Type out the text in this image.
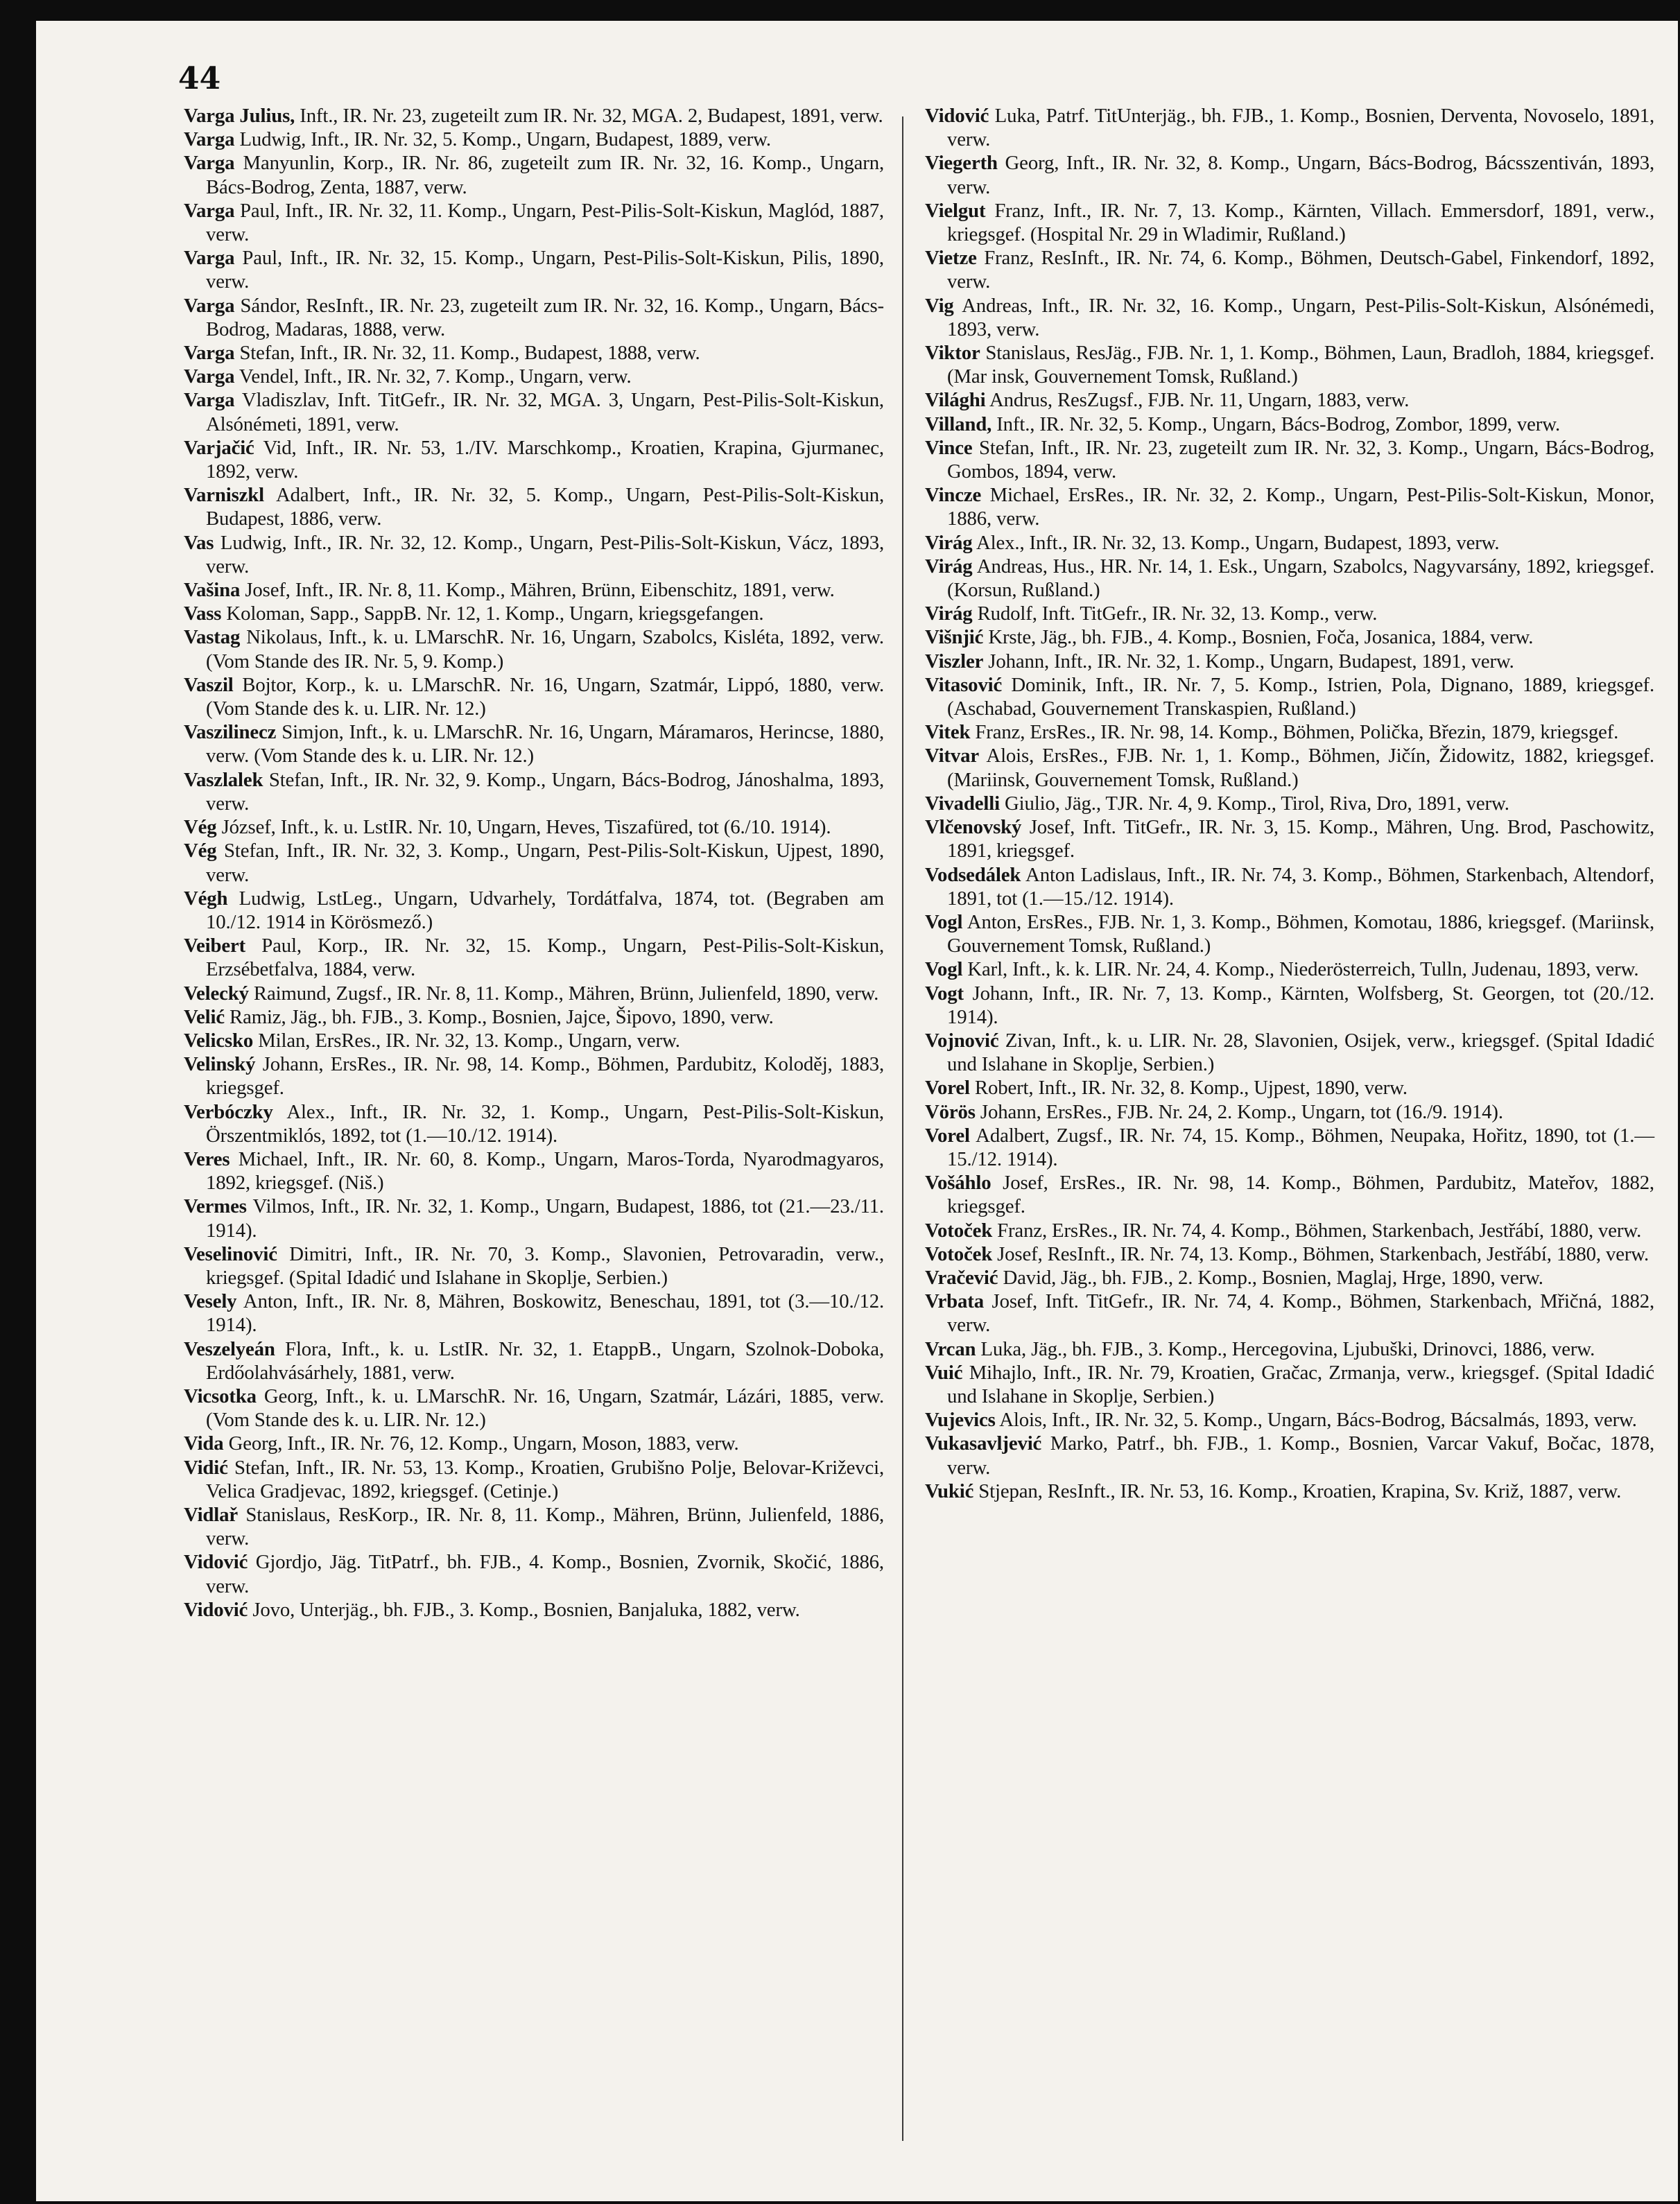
44

Varga Julius, Inft., IR. Nr. 23, zugeteilt zum IR. Nr. 32, MGA. 2, Budapest, 1891, verw.

Varga Ludwig, Inft., IR. Nr. 32, 5. Komp., Ungarn, Budapest, 1889, verw.

Varga Manyunlin, Korp., IR. Nr. 86, zugeteilt zum IR. Nr. 32, 16. Komp., Ungarn, Bács-Bodrog, Zenta, 1887, verw.

Varga Paul, Inft., IR. Nr. 32, 11. Komp., Ungarn, Pest-Pilis-Solt-Kiskun, Maglód, 1887, verw.

Varga Paul, Inft., IR. Nr. 32, 15. Komp., Ungarn, Pest-Pilis-Solt-Kiskun, Pilis, 1890, verw.

Varga Sándor, ResInft., IR. Nr. 23, zugeteilt zum IR. Nr. 32, 16. Komp., Ungarn, Bács-Bodrog, Madaras, 1888, verw.

Varga Stefan, Inft., IR. Nr. 32, 11. Komp., Budapest, 1888, verw.

Varga Vendel, Inft., IR. Nr. 32, 7. Komp., Ungarn, verw.

Varga Vladiszlav, Inft. TitGefr., IR. Nr. 32, MGA. 3, Ungarn, Pest-Pilis-Solt-Kiskun, Alsónémeti, 1891, verw.

Varjačić Vid, Inft., IR. Nr. 53, 1./IV. Marschkomp., Kroatien, Krapina, Gjurmanec, 1892, verw.

Varniszkl Adalbert, Inft., IR. Nr. 32, 5. Komp., Ungarn, Pest-Pilis-Solt-Kiskun, Budapest, 1886, verw.

Vas Ludwig, Inft., IR. Nr. 32, 12. Komp., Ungarn, Pest-Pilis-Solt-Kiskun, Vácz, 1893, verw.

Vašina Josef, Inft., IR. Nr. 8, 11. Komp., Mähren, Brünn, Eibenschitz, 1891, verw.

Vass Koloman, Sapp., SappB. Nr. 12, 1. Komp., Ungarn, kriegsgefangen.

Vastag Nikolaus, Inft., k. u. LMarschR. Nr. 16, Ungarn, Szabolcs, Kisléta, 1892, verw. (Vom Stande des IR. Nr. 5, 9. Komp.)

Vaszil Bojtor, Korp., k. u. LMarschR. Nr. 16, Ungarn, Szatmár, Lippó, 1880, verw. (Vom Stande des k. u. LIR. Nr. 12.)

Vaszilinecz Simjon, Inft., k. u. LMarschR. Nr. 16, Ungarn, Máramaros, Herincse, 1880, verw. (Vom Stande des k. u. LIR. Nr. 12.)

Vaszlalek Stefan, Inft., IR. Nr. 32, 9. Komp., Ungarn, Bács-Bodrog, Jánoshalma, 1893, verw.

Vég József, Inft., k. u. LstIR. Nr. 10, Ungarn, Heves, Tiszafüred, tot (6./10. 1914).

Vég Stefan, Inft., IR. Nr. 32, 3. Komp., Ungarn, Pest-Pilis-Solt-Kiskun, Ujpest, 1890, verw.

Végh Ludwig, LstLeg., Ungarn, Udvarhely, Tordátfalva, 1874, tot. (Begraben am 10./12. 1914 in Körösmező.)

Veibert Paul, Korp., IR. Nr. 32, 15. Komp., Ungarn, Pest-Pilis-Solt-Kiskun, Erzsébetfalva, 1884, verw.

Velecký Raimund, Zugsf., IR. Nr. 8, 11. Komp., Mähren, Brünn, Julienfeld, 1890, verw.

Velić Ramiz, Jäg., bh. FJB., 3. Komp., Bosnien, Jajce, Šipovo, 1890, verw.

Velicsko Milan, ErsRes., IR. Nr. 32, 13. Komp., Ungarn, verw.

Velinský Johann, ErsRes., IR. Nr. 98, 14. Komp., Böhmen, Pardubitz, Koloděj, 1883, kriegsgef.

Verbóczky Alex., Inft., IR. Nr. 32, 1. Komp., Ungarn, Pest-Pilis-Solt-Kiskun, Örszentmiklós, 1892, tot (1.—10./12. 1914).

Veres Michael, Inft., IR. Nr. 60, 8. Komp., Ungarn, Maros-Torda, Nyarodmagyaros, 1892, kriegsgef. (Niš.)

Vermes Vilmos, Inft., IR. Nr. 32, 1. Komp., Ungarn, Budapest, 1886, tot (21.—23./11. 1914).

Veselinović Dimitri, Inft., IR. Nr. 70, 3. Komp., Slavonien, Petrovaradin, verw., kriegsgef. (Spital Idadić und Islahane in Skoplje, Serbien.)

Vesely Anton, Inft., IR. Nr. 8, Mähren, Boskowitz, Beneschau, 1891, tot (3.—10./12. 1914).

Veszelyeán Flora, Inft., k. u. LstIR. Nr. 32, 1. EtappB., Ungarn, Szolnok-Doboka, Erdőolahvásárhely, 1881, verw.

Vicsotka Georg, Inft., k. u. LMarschR. Nr. 16, Ungarn, Szatmár, Lázári, 1885, verw. (Vom Stande des k. u. LIR. Nr. 12.)

Vida Georg, Inft., IR. Nr. 76, 12. Komp., Ungarn, Moson, 1883, verw.

Vidić Stefan, Inft., IR. Nr. 53, 13. Komp., Kroatien, Grubišno Polje, Belovar-Križevci, Velica Gradjevac, 1892, kriegsgef. (Cetinje.)

Vidlař Stanislaus, ResKorp., IR. Nr. 8, 11. Komp., Mähren, Brünn, Julienfeld, 1886, verw.

Vidović Gjordjo, Jäg. TitPatrf., bh. FJB., 4. Komp., Bosnien, Zvornik, Skočić, 1886, verw.

Vidović Jovo, Unterjäg., bh. FJB., 3. Komp., Bosnien, Banjaluka, 1882, verw.

Vidović Luka, Patrf. TitUnterjäg., bh. FJB., 1. Komp., Bosnien, Derventa, Novoselo, 1891, verw.

Viegerth Georg, Inft., IR. Nr. 32, 8. Komp., Ungarn, Bács-Bodrog, Bácsszentiván, 1893, verw.

Vielgut Franz, Inft., IR. Nr. 7, 13. Komp., Kärnten, Villach. Emmersdorf, 1891, verw., kriegsgef. (Hospital Nr. 29 in Wladimir, Rußland.)

Vietze Franz, ResInft., IR. Nr. 74, 6. Komp., Böhmen, Deutsch-Gabel, Finkendorf, 1892, verw.

Vig Andreas, Inft., IR. Nr. 32, 16. Komp., Ungarn, Pest-Pilis-Solt-Kiskun, Alsónémedi, 1893, verw.

Viktor Stanislaus, ResJäg., FJB. Nr. 1, 1. Komp., Böhmen, Laun, Bradloh, 1884, kriegsgef. (Mar insk, Gouvernement Tomsk, Rußland.)

Világhi Andrus, ResZugsf., FJB. Nr. 11, Ungarn, 1883, verw.

Villand, Inft., IR. Nr. 32, 5. Komp., Ungarn, Bács-Bodrog, Zombor, 1899, verw.

Vince Stefan, Inft., IR. Nr. 23, zugeteilt zum IR. Nr. 32, 3. Komp., Ungarn, Bács-Bodrog, Gombos, 1894, verw.

Vincze Michael, ErsRes., IR. Nr. 32, 2. Komp., Ungarn, Pest-Pilis-Solt-Kiskun, Monor, 1886, verw.

Virág Alex., Inft., IR. Nr. 32, 13. Komp., Ungarn, Budapest, 1893, verw.

Virág Andreas, Hus., HR. Nr. 14, 1. Esk., Ungarn, Szabolcs, Nagyvarsány, 1892, kriegsgef. (Korsun, Rußland.)

Virág Rudolf, Inft. TitGefr., IR. Nr. 32, 13. Komp., verw.

Višnjić Krste, Jäg., bh. FJB., 4. Komp., Bosnien, Foča, Josanica, 1884, verw.

Viszler Johann, Inft., IR. Nr. 32, 1. Komp., Ungarn, Budapest, 1891, verw.

Vitasović Dominik, Inft., IR. Nr. 7, 5. Komp., Istrien, Pola, Dignano, 1889, kriegsgef. (Aschabad, Gouvernement Transkaspien, Rußland.)

Vitek Franz, ErsRes., IR. Nr. 98, 14. Komp., Böhmen, Polička, Březin, 1879, kriegsgef.

Vitvar Alois, ErsRes., FJB. Nr. 1, 1. Komp., Böhmen, Jičín, Židowitz, 1882, kriegsgef. (Mariinsk, Gouvernement Tomsk, Rußland.)

Vivadelli Giulio, Jäg., TJR. Nr. 4, 9. Komp., Tirol, Riva, Dro, 1891, verw.

Vlčenovský Josef, Inft. TitGefr., IR. Nr. 3, 15. Komp., Mähren, Ung. Brod, Paschowitz, 1891, kriegsgef.

Vodsedálek Anton Ladislaus, Inft., IR. Nr. 74, 3. Komp., Böhmen, Starkenbach, Altendorf, 1891, tot (1.—15./12. 1914).

Vogl Anton, ErsRes., FJB. Nr. 1, 3. Komp., Böhmen, Komotau, 1886, kriegsgef. (Mariinsk, Gouvernement Tomsk, Rußland.)

Vogl Karl, Inft., k. k. LIR. Nr. 24, 4. Komp., Niederösterreich, Tulln, Judenau, 1893, verw.

Vogt Johann, Inft., IR. Nr. 7, 13. Komp., Kärnten, Wolfsberg, St. Georgen, tot (20./12. 1914).

Vojnović Zivan, Inft., k. u. LIR. Nr. 28, Slavonien, Osijek, verw., kriegsgef. (Spital Idadić und Islahane in Skoplje, Serbien.)

Vorel Robert, Inft., IR. Nr. 32, 8. Komp., Ujpest, 1890, verw.

Vörös Johann, ErsRes., FJB. Nr. 24, 2. Komp., Ungarn, tot (16./9. 1914).

Vorel Adalbert, Zugsf., IR. Nr. 74, 15. Komp., Böhmen, Neupaka, Hořitz, 1890, tot (1.—15./12. 1914).

Vošáhlo Josef, ErsRes., IR. Nr. 98, 14. Komp., Böhmen, Pardubitz, Mateřov, 1882, kriegsgef.

Votoček Franz, ErsRes., IR. Nr. 74, 4. Komp., Böhmen, Starkenbach, Jestřábí, 1880, verw.

Votoček Josef, ResInft., IR. Nr. 74, 13. Komp., Böhmen, Starkenbach, Jestřábí, 1880, verw.

Vračević David, Jäg., bh. FJB., 2. Komp., Bosnien, Maglaj, Hrge, 1890, verw.

Vrbata Josef, Inft. TitGefr., IR. Nr. 74, 4. Komp., Böhmen, Starkenbach, Mřičná, 1882, verw.

Vrcan Luka, Jäg., bh. FJB., 3. Komp., Hercegovina, Ljubuški, Drinovci, 1886, verw.

Vuić Mihajlo, Inft., IR. Nr. 79, Kroatien, Gračac, Zrmanja, verw., kriegsgef. (Spital Idadić und Islahane in Skoplje, Serbien.)

Vujevics Alois, Inft., IR. Nr. 32, 5. Komp., Ungarn, Bács-Bodrog, Bácsalmás, 1893, verw.

Vukasavljević Marko, Patrf., bh. FJB., 1. Komp., Bosnien, Varcar Vakuf, Bočac, 1878, verw.

Vukić Stjepan, ResInft., IR. Nr. 53, 16. Komp., Kroatien, Krapina, Sv. Križ, 1887, verw.
